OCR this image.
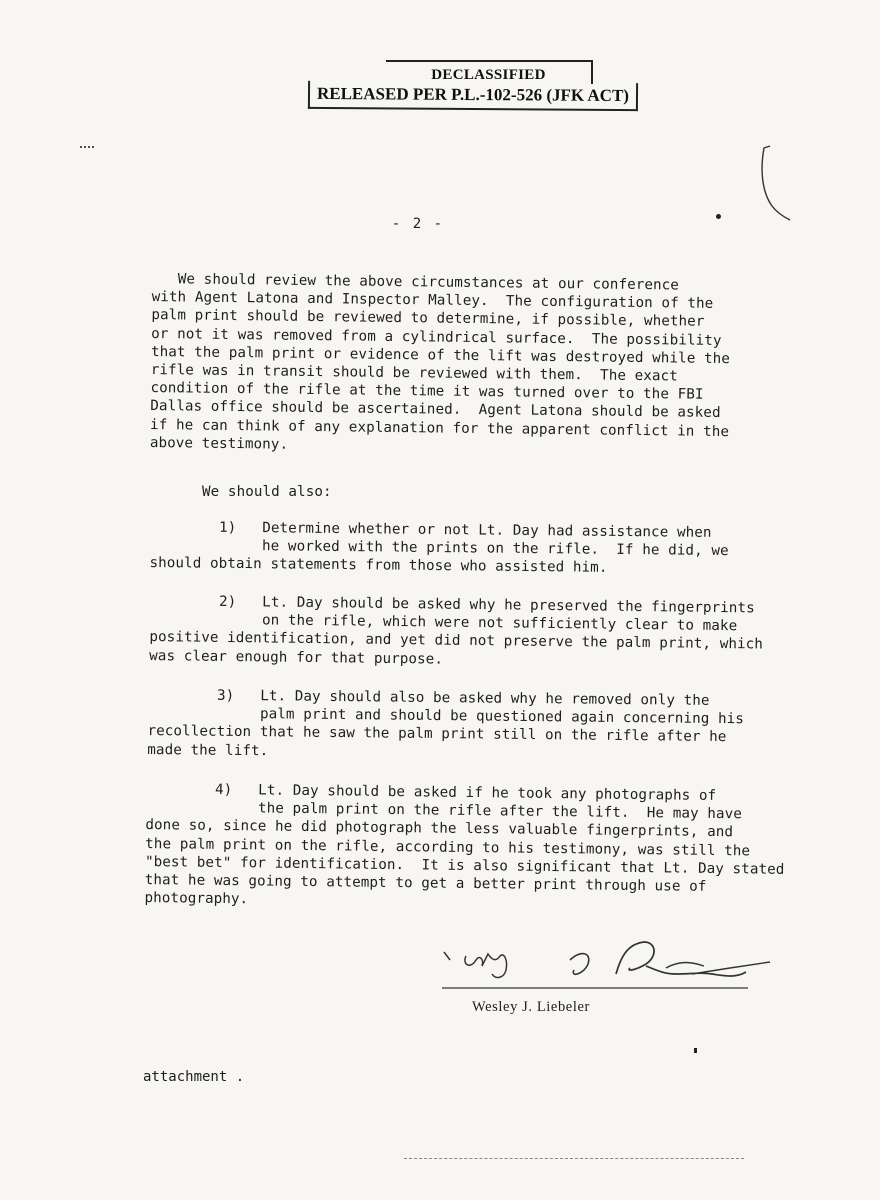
DECLASSIFIED
RELEASED PER P.L.-102-526 (JFK ACT)
- 2 -
We should review the above circumstances at our conference
with Agent Latona and Inspector Malley.  The configuration of the
palm print should be reviewed to determine, if possible, whether
or not it was removed from a cylindrical surface.  The possibility
that the palm print or evidence of the lift was destroyed while the
rifle was in transit should be reviewed with them.  The exact
condition of the rifle at the time it was turned over to the FBI
Dallas office should be ascertained.  Agent Latona should be asked
if he can think of any explanation for the apparent conflict in the
above testimony.
We should also:
1)   Determine whether or not Lt. Day had assistance when
he worked with the prints on the rifle.  If he did, we
should obtain statements from those who assisted him.
2)   Lt. Day should be asked why he preserved the fingerprints
on the rifle, which were not sufficiently clear to make
positive identification, and yet did not preserve the palm print, which
was clear enough for that purpose.
3)   Lt. Day should also be asked why he removed only the
palm print and should be questioned again concerning his
recollection that he saw the palm print still on the rifle after he
made the lift.
4)   Lt. Day should be asked if he took any photographs of
the palm print on the rifle after the lift.  He may have
done so, since he did photograph the less valuable fingerprints, and
the palm print on the rifle, according to his testimony, was still the
"best bet" for identification.  It is also significant that Lt. Day stated
that he was going to attempt to get a better print through use of
photography.
Wesley J. Liebeler
attachment .
